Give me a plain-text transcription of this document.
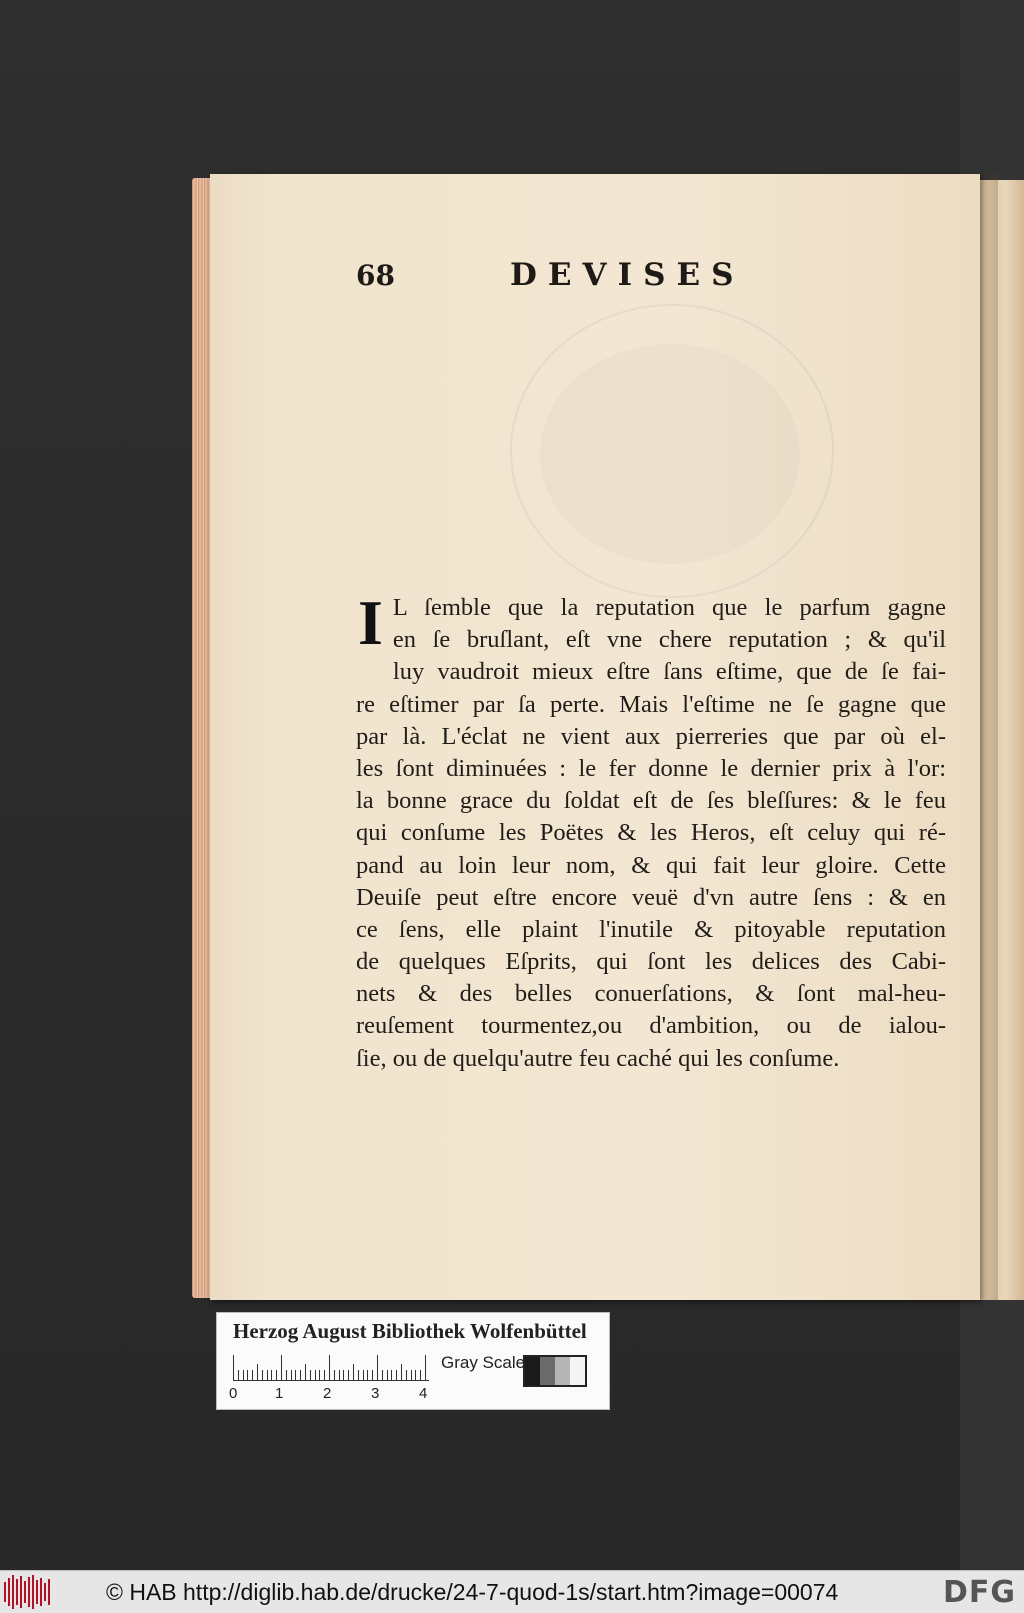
68	DEVISES
I L ſemble que la reputation que le parfum gagne
en ſe bruſlant, eſt vne chere reputation ; & qu'il
luy vaudroit mieux eſtre ſans eſtime, que de ſe fai-
re eſtimer par ſa perte. Mais l'eſtime ne ſe gagne que
par là. L'éclat ne vient aux pierreries que par où el-
les ſont diminuées : le fer donne le dernier prix à l'or:
la bonne grace du ſoldat eſt de ſes bleſſures: & le feu
qui conſume les Poëtes & les Heros, eſt celuy qui ré-
pand au loin leur nom, & qui fait leur gloire. Cette
Deuiſe peut eſtre encore veuë d'vn autre ſens : & en
ce ſens, elle plaint l'inutile & pitoyable reputation
de quelques Eſprits, qui ſont les delices des Cabi-
nets & des belles conuerſations, & ſont mal-heu-
reuſement tourmentez,ou d'ambition, ou de ialou-
ſie, ou de quelqu'autre feu caché qui les conſume.
Herzog August Bibliothek Wolfenbüttel
0	1	2	3	4
Gray Scale
© HAB http://diglib.hab.de/drucke/24-7-quod-1s/start.htm?image=00074	DFG
